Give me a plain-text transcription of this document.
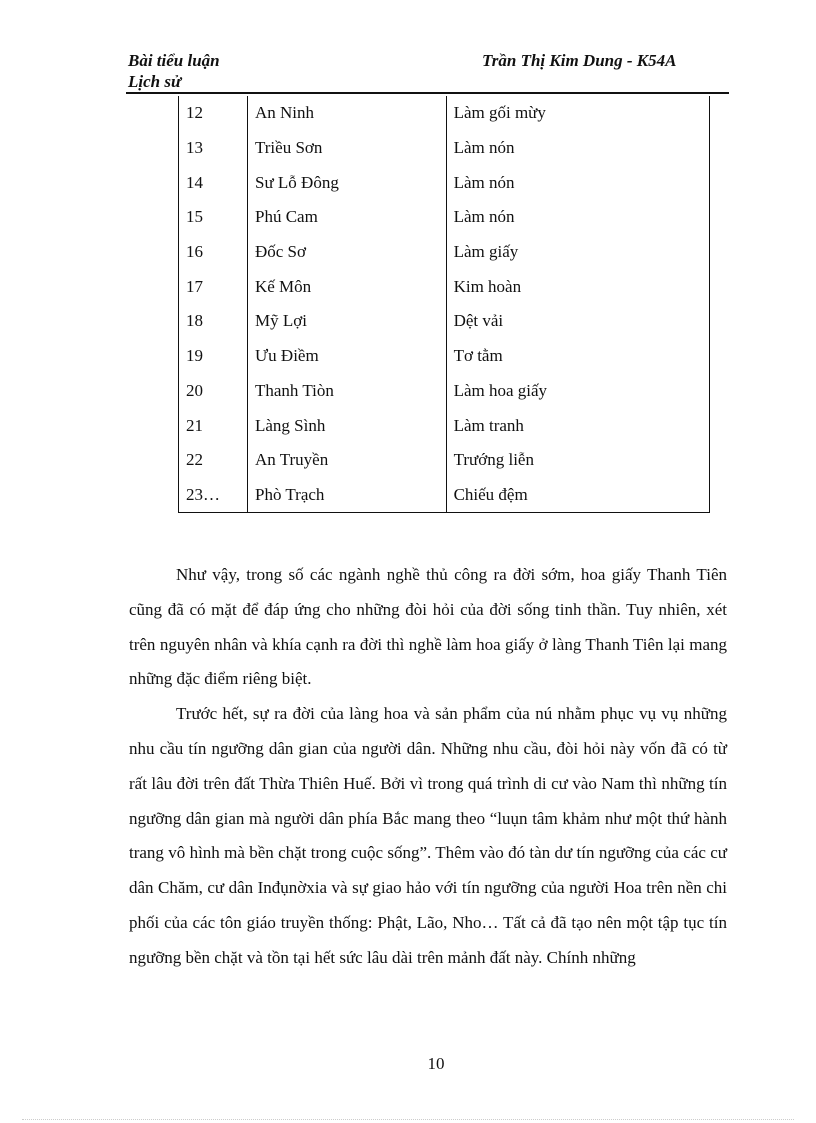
Bài tiểu luận
Lịch sử
Trần Thị Kim Dung - K54A
12	An Ninh	Làm gối mừy
13	Triều Sơn	Làm nón
14	Sư Lỗ Đông	Làm nón
15	Phú Cam	Làm nón
16	Đốc Sơ	Làm giấy
17	Kế Môn	Kim hoàn
18	Mỹ Lợi	Dệt vải
19	Ưu Điềm	Tơ tằm
20	Thanh Tiòn	Làm hoa giấy
21	Làng Sình	Làm tranh
22	An Truyền	Trướng liễn
23…	Phò Trạch	Chiếu đệm

Như vậy, trong số các ngành nghề thủ công ra đời sớm, hoa giấy Thanh Tiên cũng đã có mặt để đáp ứng cho những đòi hỏi của đời sống tinh thần. Tuy nhiên, xét trên nguyên nhân và khía cạnh ra đời thì nghề làm hoa giấy ở làng Thanh Tiên lại mang những đặc điểm riêng biệt.

Trước hết, sự ra đời của làng hoa và sản phẩm của nú nhằm phục vụ vụ những nhu cầu tín ngưỡng dân gian của người dân. Những nhu cầu, đòi hỏi này vốn đã có từ rất lâu đời trên đất Thừa Thiên Huế. Bởi vì trong quá trình di cư vào Nam thì những tín ngưỡng dân gian mà người dân phía Bắc mang theo “luụn tâm khảm như một thứ hành trang vô hình mà bền chặt trong cuộc sống”. Thêm vào đó tàn dư tín ngưỡng của các cư dân Chăm, cư dân Inđụnờxia và sự giao hảo với tín ngưỡng của người Hoa trên nền chi phối của các tôn giáo truyền thống: Phật, Lão, Nho… Tất cả đã tạo nên một tập tục tín ngưỡng bền chặt và tồn tại hết sức lâu dài trên mảnh đất này. Chính những

10
